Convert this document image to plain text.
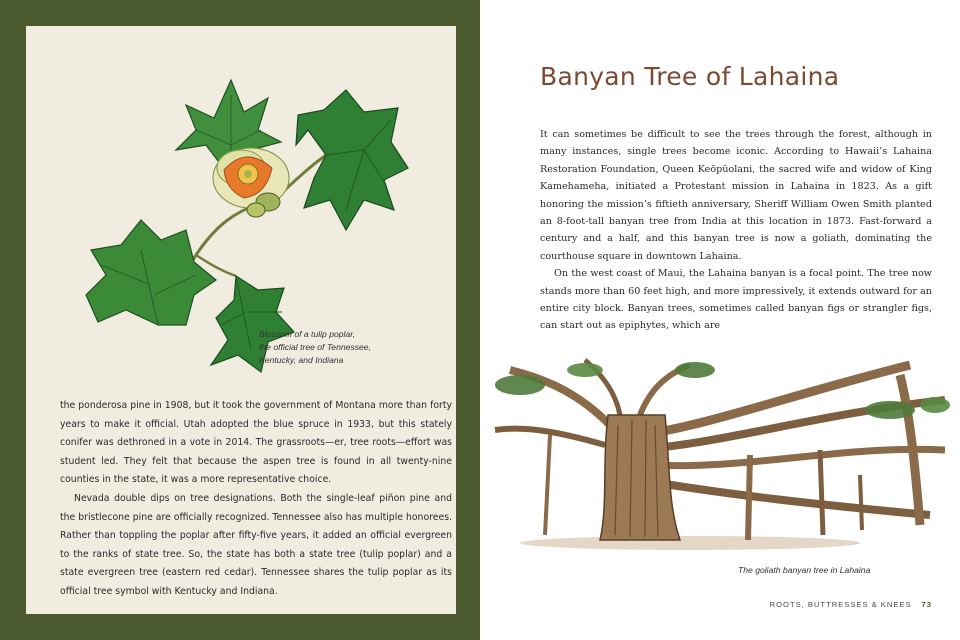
Blossom of a tulip poplar,
the official tree of Tennessee,
Kentucky, and Indiana

the ponderosa pine in 1908, but it took the government of Montana more than forty years to make it official. Utah adopted the blue spruce in 1933, but this stately conifer was dethroned in a vote in 2014. The grassroots—er, tree roots—effort was student led. They felt that because the aspen tree is found in all twenty-nine counties in the state, it was a more representative choice.

Nevada double dips on tree designations. Both the single-leaf piñon pine and the bristlecone pine are officially recognized. Tennessee also has multiple honorees. Rather than toppling the poplar after fifty-five years, it added an official evergreen to the ranks of state tree. So, the state has both a state tree (tulip poplar) and a state evergreen tree (eastern red cedar). Tennessee shares the tulip poplar as its official tree symbol with Kentucky and Indiana.

Banyan Tree of Lahaina

It can sometimes be difficult to see the trees through the forest, although in many instances, single trees become iconic. According to Hawaii’s Lahaina Restoration Foundation, Queen Keōpūolani, the sacred wife and widow of King Kamehameha, initiated a Protestant mission in Lahaina in 1823. As a gift honoring the mission’s fiftieth anniversary, Sheriff William Owen Smith planted an 8-foot-tall banyan tree from India at this location in 1873. Fast-forward a century and a half, and this banyan tree is now a goliath, dominating the courthouse square in downtown Lahaina.

On the west coast of Maui, the Lahaina banyan is a focal point. The tree now stands more than 60 feet high, and more impressively, it extends outward for an entire city block. Banyan trees, sometimes called banyan figs or strangler figs, can start out as epiphytes, which are

The goliath banyan tree in Lahaina
ROOTS, BUTTRESSES & KNEES 73
